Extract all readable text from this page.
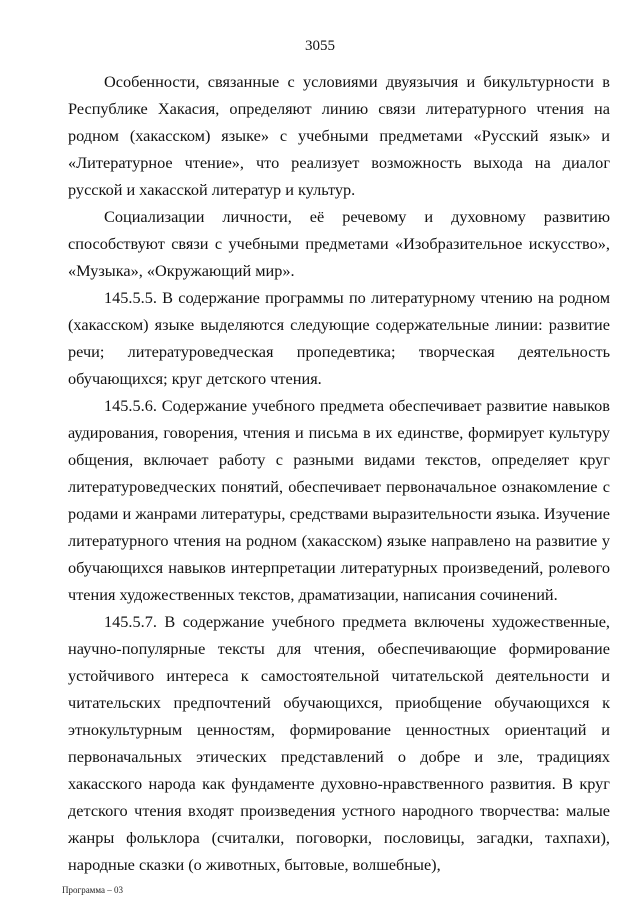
3055

Особенности, связанные с условиями двуязычия и бикультурности в Республике Хакасия, определяют линию связи литературного чтения на родном (хакасском) языке» с учебными предметами «Русский язык» и «Литературное чтение», что реализует возможность выхода на диалог русской и хакасской литератур и культур.

Социализации личности, её речевому и духовному развитию способствуют связи с учебными предметами «Изобразительное искусство», «Музыка», «Окружающий мир».

145.5.5. В содержание программы по литературному чтению на родном (хакасском) языке выделяются следующие содержательные линии: развитие речи; литературоведческая пропедевтика; творческая деятельность обучающихся; круг детского чтения.

145.5.6. Содержание учебного предмета обеспечивает развитие навыков аудирования, говорения, чтения и письма в их единстве, формирует культуру общения, включает работу с разными видами текстов, определяет круг литературоведческих понятий, обеспечивает первоначальное ознакомление с родами и жанрами литературы, средствами выразительности языка. Изучение литературного чтения на родном (хакасском) языке направлено на развитие у обучающихся навыков интерпретации литературных произведений, ролевого чтения художественных текстов, драматизации, написания сочинений.

145.5.7. В содержание учебного предмета включены художественные, научно-популярные тексты для чтения, обеспечивающие формирование устойчивого интереса к самостоятельной читательской деятельности и читательских предпочтений обучающихся, приобщение обучающихся к этнокультурным ценностям, формирование ценностных ориентаций и первоначальных этических представлений о добре и зле, традициях хакасского народа как фундаменте духовно-нравственного развития. В круг детского чтения входят произведения устного народного творчества: малые жанры фольклора (считалки, поговорки, пословицы, загадки, тахпахи), народные сказки (о животных, бытовые, волшебные),

Программа – 03
